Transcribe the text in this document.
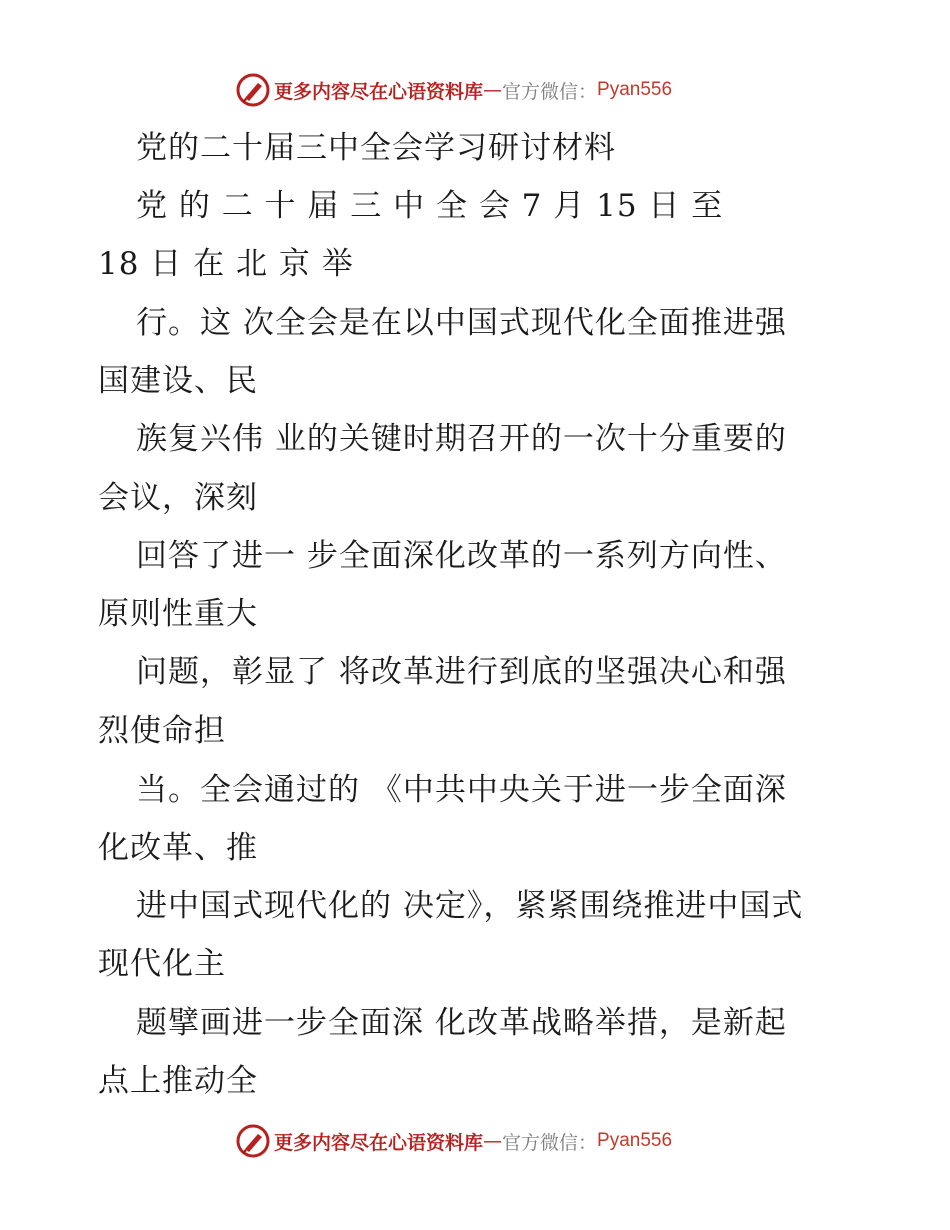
更多内容尽在心语资料库 — 官方微信： Pyan556
党的二十届三中全会学习研讨材料
党 的 二 十 届 三 中 全 会 7 月 15 日 至
18 日 在 北 京 举
行。这 次全会是在以中国式现代化全面推进强
国建设、民
族复兴伟 业的关键时期召开的一次十分重要的
会议，深刻
回答了进一 步全面深化改革的一系列方向性、
原则性重大
问题，彰显了 将改革进行到底的坚强决心和强
烈使命担
当。全会通过的 《中共中央关于进一步全面深
化改革、推
进中国式现代化的 决定》，紧紧围绕推进中国式
现代化主
题擘画进一步全面深 化改革战略举措，是新起
点上推动全
更多内容尽在心语资料库 — 官方微信： Pyan556
